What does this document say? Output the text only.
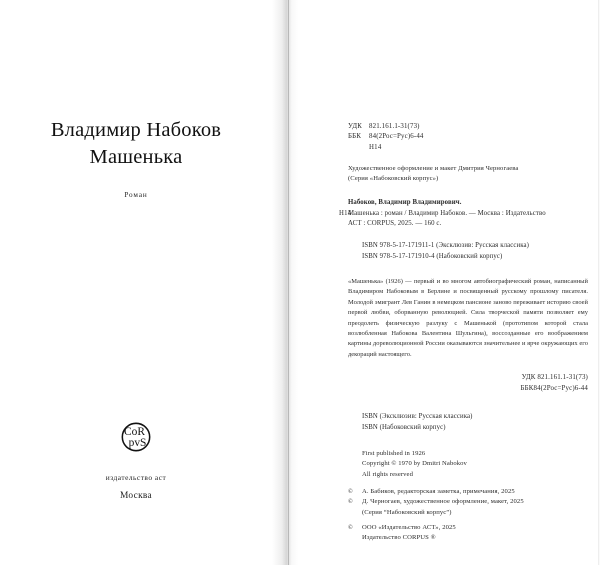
Владимир Набоков
Машенька
Роман
CoR
pvS
издательство аст
Москва
УДК	821.161.1-31(73)
ББК	84(2Рос=Рус)6-44
Н14
Художественное оформление и макет Дмитрия Черногаева
(Серия «Набоковский корпус»)
Н14
Набоков, Владимир Владимирович.
Машенька : роман / Владимир Набоков. — Москва : Издательство
АСТ : CORPUS, 2025. — 160 с.
ISBN 978-5-17-171911-1 (Эксклюзив: Русская классика)
ISBN 978-5-17-171910-4 (Набоковский корпус)
«Машенька» (1926) — первый и во многом автобиографический роман, написанный Владимиром Набоковым в Берлине и посвященный русскому прошлому писателя. Молодой эмигрант Лев Ганин в немецком пансионе заново переживает историю своей первой любви, оборванную революцией. Сила творческой памяти позволяет ему преодолеть физическую разлуку с Машенькой (прототипом которой стала возлюбленная Набокова Валентина Шульгина), воссозданные его воображением картины дореволюционной России оказываются значительнее и ярче окружающих его декораций настоящего.
УДК 821.161.1-31(73)
ББК84(2Рос=Рус)6-44
ISBN (Эксклюзив: Русская классика)
ISBN (Набоковский корпус)
First published in 1926
Copyright © 1970 by Dmitri Nabokov
All rights reserved
©	А. Бабиков, редакторская заметка, примечания, 2025
©	Д. Черногаев, художественное оформление, макет, 2025
(Серия “Набоковский корпус”)
©	ООО «Издательство АСТ», 2025
Издательство CORPUS ®
